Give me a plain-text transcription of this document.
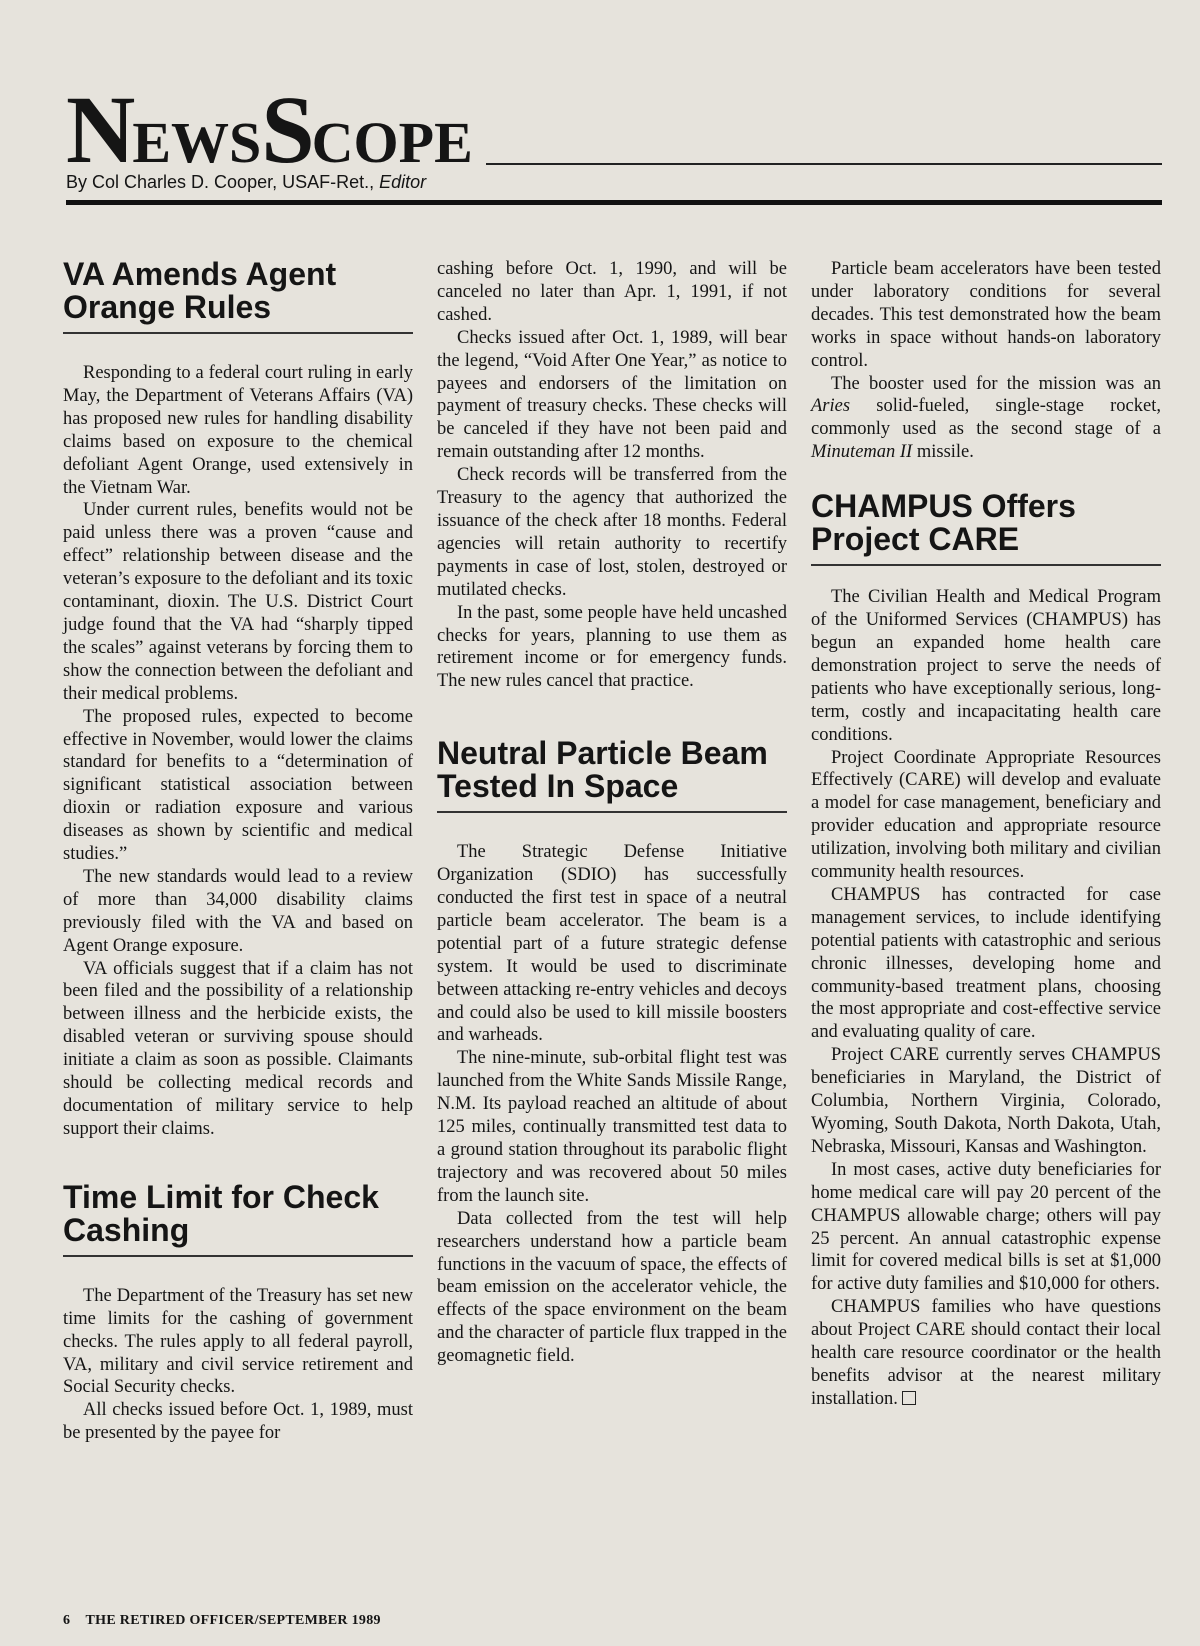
NEWSSCOPE
By Col Charles D. Cooper, USAF-Ret., Editor
VA Amends Agent Orange Rules

Responding to a federal court ruling in early May, the Department of Veterans Affairs (VA) has proposed new rules for handling disability claims based on exposure to the chemical defoliant Agent Orange, used extensively in the Vietnam War.

Under current rules, benefits would not be paid unless there was a proven “cause and effect” relationship between disease and the veteran’s exposure to the defoliant and its toxic contaminant, dioxin. The U.S. District Court judge found that the VA had “sharply tipped the scales” against veterans by forcing them to show the connection between the defoliant and their medical problems.

The proposed rules, expected to become effective in November, would lower the claims standard for benefits to a “determination of significant statistical association between dioxin or radiation exposure and various diseases as shown by scientific and medical studies.”

The new standards would lead to a review of more than 34,000 disability claims previously filed with the VA and based on Agent Orange exposure.

VA officials suggest that if a claim has not been filed and the possibility of a relationship between illness and the herbicide exists, the disabled veteran or surviving spouse should initiate a claim as soon as possible. Claimants should be collecting medical records and documentation of military service to help support their claims.

Time Limit for Check Cashing

The Department of the Treasury has set new time limits for the cashing of government checks. The rules apply to all federal payroll, VA, military and civil service retirement and Social Security checks.

All checks issued before Oct. 1, 1989, must be presented by the payee for

cashing before Oct. 1, 1990, and will be canceled no later than Apr. 1, 1991, if not cashed.

Checks issued after Oct. 1, 1989, will bear the legend, “Void After One Year,” as notice to payees and endorsers of the limitation on payment of treasury checks. These checks will be canceled if they have not been paid and remain outstanding after 12 months.

Check records will be transferred from the Treasury to the agency that authorized the issuance of the check after 18 months. Federal agencies will retain authority to recertify payments in case of lost, stolen, destroyed or mutilated checks.

In the past, some people have held uncashed checks for years, planning to use them as retirement income or for emergency funds. The new rules cancel that practice.

Neutral Particle Beam Tested In Space

The Strategic Defense Initiative Organization (SDIO) has successfully conducted the first test in space of a neutral particle beam accelerator. The beam is a potential part of a future strategic defense system. It would be used to discriminate between attacking re-entry vehicles and decoys and could also be used to kill missile boosters and warheads.

The nine-minute, sub-orbital flight test was launched from the White Sands Missile Range, N.M. Its payload reached an altitude of about 125 miles, continually transmitted test data to a ground station throughout its parabolic flight trajectory and was recovered about 50 miles from the launch site.

Data collected from the test will help researchers understand how a particle beam functions in the vacuum of space, the effects of beam emission on the accelerator vehicle, the effects of the space environment on the beam and the character of particle flux trapped in the geomagnetic field.

Particle beam accelerators have been tested under laboratory conditions for several decades. This test demonstrated how the beam works in space without hands-on laboratory control.

The booster used for the mission was an Aries solid-fueled, single-stage rocket, commonly used as the second stage of a Minuteman II missile.

CHAMPUS Offers Project CARE

The Civilian Health and Medical Program of the Uniformed Services (CHAMPUS) has begun an expanded home health care demonstration project to serve the needs of patients who have exceptionally serious, long-term, costly and incapacitating health care conditions.

Project Coordinate Appropriate Resources Effectively (CARE) will develop and evaluate a model for case management, beneficiary and provider education and appropriate resource utilization, involving both military and civilian community health resources.

CHAMPUS has contracted for case management services, to include identifying potential patients with catastrophic and serious chronic illnesses, developing home and community-based treatment plans, choosing the most appropriate and cost-effective service and evaluating quality of care.

Project CARE currently serves CHAMPUS beneficiaries in Maryland, the District of Columbia, Northern Virginia, Colorado, Wyoming, South Dakota, North Dakota, Utah, Nebraska, Missouri, Kansas and Washington.

In most cases, active duty beneficiaries for home medical care will pay 20 percent of the CHAMPUS allowable charge; others will pay 25 percent. An annual catastrophic expense limit for covered medical bills is set at $1,000 for active duty families and $10,000 for others.

CHAMPUS families who have questions about Project CARE should contact their local health care resource coordinator or the health benefits advisor at the nearest military installation.

6 THE RETIRED OFFICER/SEPTEMBER 1989
